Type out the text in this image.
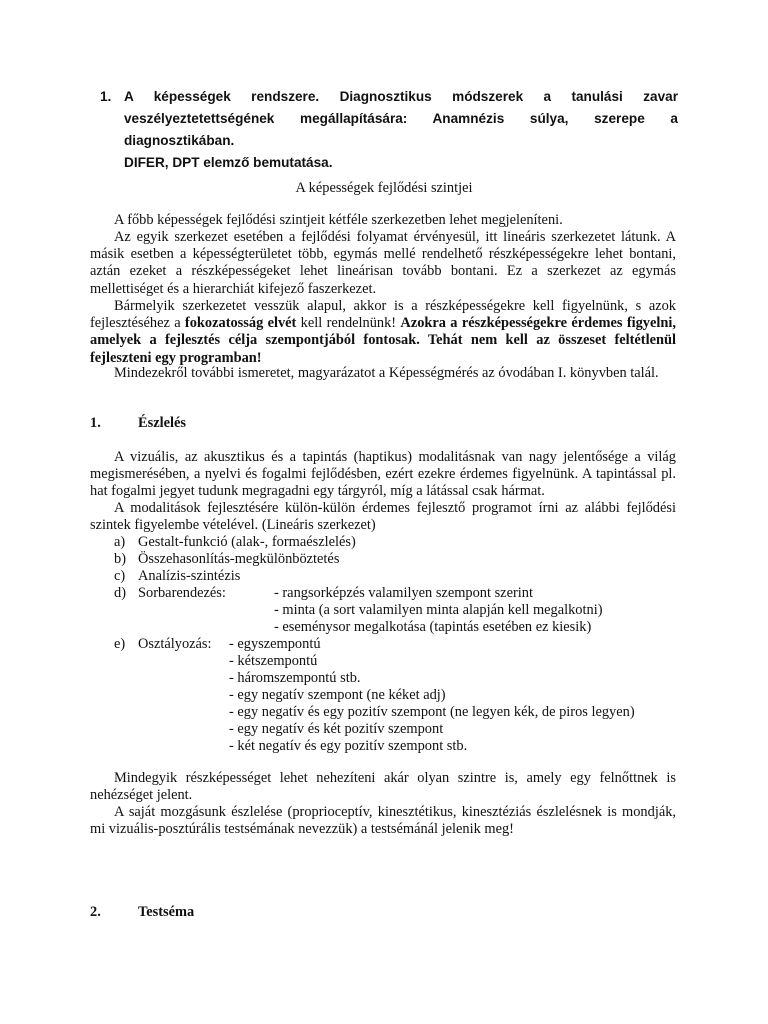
1. A képességek rendszere. Diagnosztikus módszerek a tanulási zavar
veszélyeztetettségének megállapítására: Anamnézis súlya, szerepe a diagnosztikában.
DIFER, DPT elemző bemutatása.
A képességek fejlődési szintjei

A főbb képességek fejlődési szintjeit kétféle szerkezetben lehet megjeleníteni.

Az egyik szerkezet esetében a fejlődési folyamat érvényesül, itt lineáris szerkezetet látunk. A másik esetben a képességterületet több, egymás mellé rendelhető részképességekre lehet bontani, aztán ezeket a részképességeket lehet lineárisan tovább bontani. Ez a szerkezet az egymás mellettiséget és a hierarchiát kifejező faszerkezet.

Bármelyik szerkezetet vesszük alapul, akkor is a részképességekre kell figyelnünk, s azok fejlesztéséhez a fokozatosság elvét kell rendelnünk! Azokra a részképességekre érdemes figyelni, amelyek a fejlesztés célja szempontjából fontosak. Tehát nem kell az összeset feltétlenül fejleszteni egy programban!

Mindezekről további ismeretet, magyarázatot a Képességmérés az óvodában I. könyvben talál.

1.	Észlelés

A vizuális, az akusztikus és a tapintás (haptikus) modalitásnak van nagy jelentősége a világ megismerésében, a nyelvi és fogalmi fejlődésben, ezért ezekre érdemes figyelnünk. A tapintással pl. hat fogalmi jegyet tudunk megragadni egy tárgyról, míg a látással csak hármat.

A modalitások fejlesztésére külön-külön érdemes fejlesztő programot írni az alábbi fejlődési szintek figyelembe vételével. (Lineáris szerkezet)

a) Gestalt-funkció (alak-, formaészlelés)
b) Összehasonlítás-megkülönböztetés
c) Analízis-szintézis
d) Sorbarendezés:	- rangsorképzés valamilyen szempont szerint
- minta (a sort valamilyen minta alapján kell megalkotni)
- eseménysor megalkotása (tapintás esetében ez kiesik)
e) Osztályozás: - egyszempontú
- kétszempontú
- háromszempontú stb.
- egy negatív szempont (ne kéket adj)
- egy negatív és egy pozitív szempont (ne legyen kék, de piros legyen)
- egy negatív és két pozitív szempont
- két negatív és egy pozitív szempont stb.

Mindegyik részképességet lehet nehezíteni akár olyan szintre is, amely egy felnőttnek is nehézséget jelent.

A saját mozgásunk észlelése (proprioceptív, kinesztétikus, kinesztéziás észlelésnek is mondják, mi vizuális-posztúrális testsémának nevezzük) a testsémánál jelenik meg!

2.	Testséma
